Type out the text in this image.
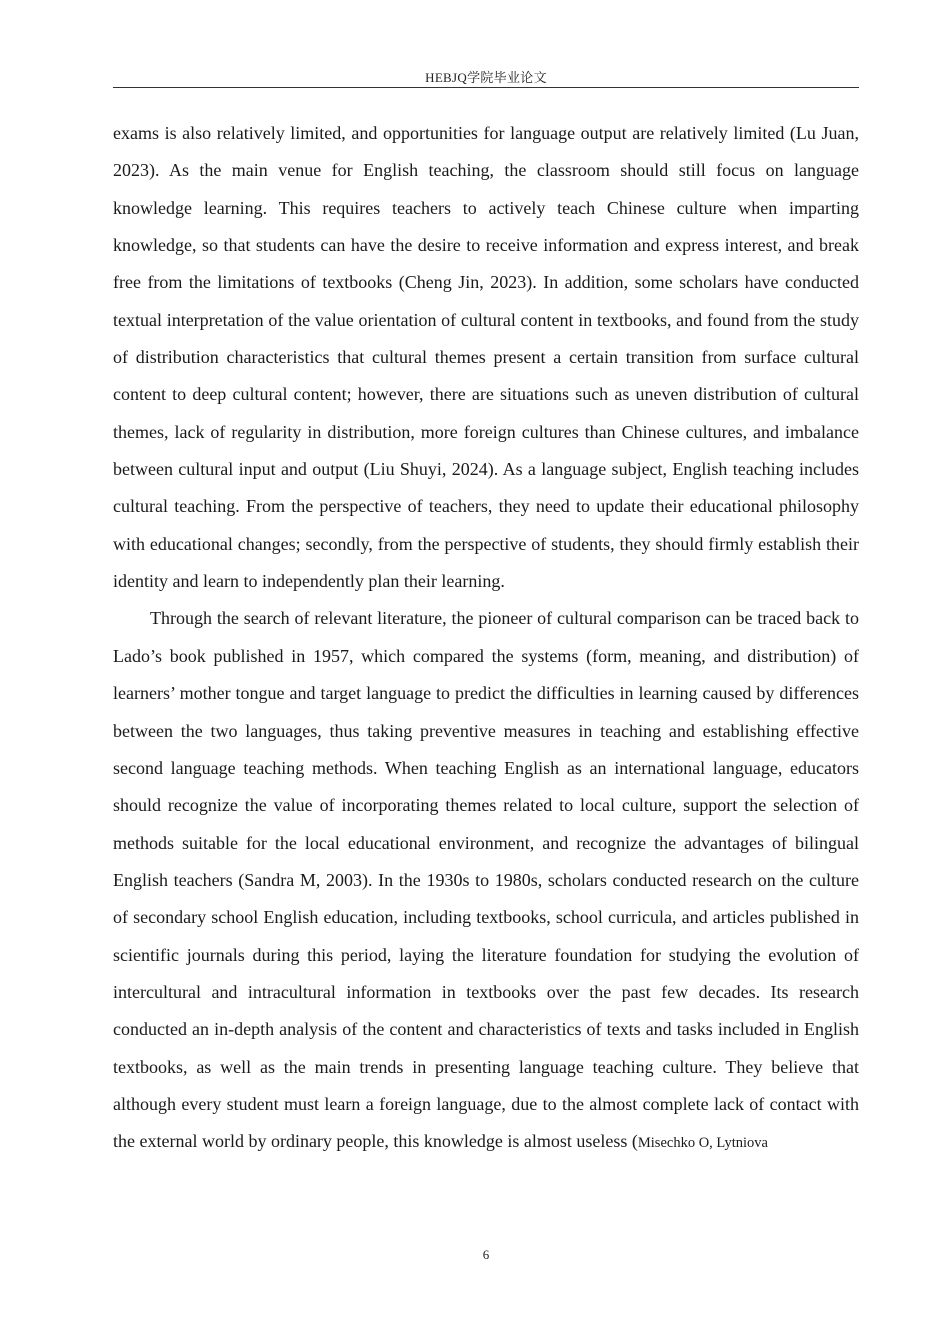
HEBJQ学院毕业论文

exams is also relatively limited, and opportunities for language output are relatively limited (Lu Juan, 2023). As the main venue for English teaching, the classroom should still focus on language knowledge learning. This requires teachers to actively teach Chinese culture when imparting knowledge, so that students can have the desire to receive information and express interest, and break free from the limitations of textbooks (Cheng Jin, 2023). In addition, some scholars have conducted textual interpretation of the value orientation of cultural content in textbooks, and found from the study of distribution characteristics that cultural themes present a certain transition from surface cultural content to deep cultural content; however, there are situations such as uneven distribution of cultural themes, lack of regularity in distribution, more foreign cultures than Chinese cultures, and imbalance between cultural input and output (Liu Shuyi, 2024). As a language subject, English teaching includes cultural teaching. From the perspective of teachers, they need to update their educational philosophy with educational changes; secondly, from the perspective of students, they should firmly establish their identity and learn to independently plan their learning.

Through the search of relevant literature, the pioneer of cultural comparison can be traced back to Lado’s book published in 1957, which compared the systems (form, meaning, and distribution) of learners’ mother tongue and target language to predict the difficulties in learning caused by differences between the two languages, thus taking preventive measures in teaching and establishing effective second language teaching methods. When teaching English as an international language, educators should recognize the value of incorporating themes related to local culture, support the selection of methods suitable for the local educational environment, and recognize the advantages of bilingual English teachers (Sandra M, 2003). In the 1930s to 1980s, scholars conducted research on the culture of secondary school English education, including textbooks, school curricula, and articles published in scientific journals during this period, laying the literature foundation for studying the evolution of intercultural and intracultural information in textbooks over the past few decades. Its research conducted an in-depth analysis of the content and characteristics of texts and tasks included in English textbooks, as well as the main trends in presenting language teaching culture. They believe that although every student must learn a foreign language, due to the almost complete lack of contact with the external world by ordinary people, this knowledge is almost useless (Misechko O, Lytniova

6
